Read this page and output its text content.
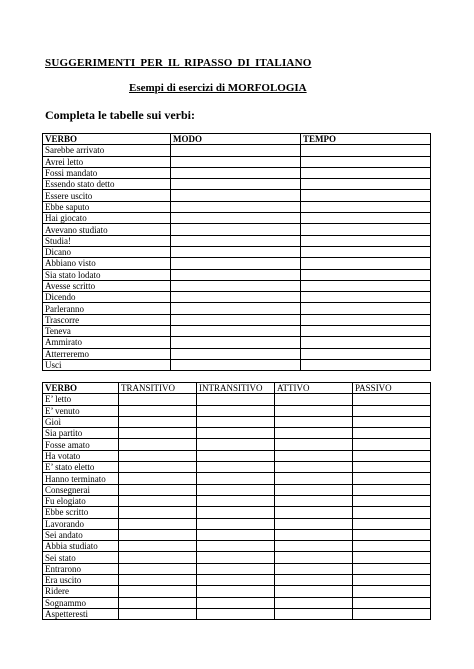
SUGGERIMENTI PER IL RIPASSO DI ITALIANO
Esempi di esercizi di MORFOLOGIA
Completa le tabelle sui verbi:
VERBO	MODO	TEMPO
Sarebbe arrivato		
Avrei letto		
Fossi mandato		
Essendo stato detto		
Essere uscito		
Ebbe saputo		
Hai giocato		
Avevano studiato		
Studia!		
Dicano		
Abbiano visto		
Sia stato lodato		
Avesse scritto		
Dicendo		
Parleranno		
Trascorre		
Teneva		
Ammirato		
Atterreremo		
Usci		
VERBO	TRANSITIVO	INTRANSITIVO	ATTIVO	PASSIVO
E’ letto				
E’ venuto				
Gioì				
Sia partito				
Fosse amato				
Ha votato				
E’ stato eletto				
Hanno terminato				
Consegnerai				
Fu elogiato				
Ebbe scritto				
Lavorando				
Sei andato				
Abbia studiato				
Sei stato				
Entrarono				
Era uscito				
Ridere				
Sognammo				
Aspetteresti				
